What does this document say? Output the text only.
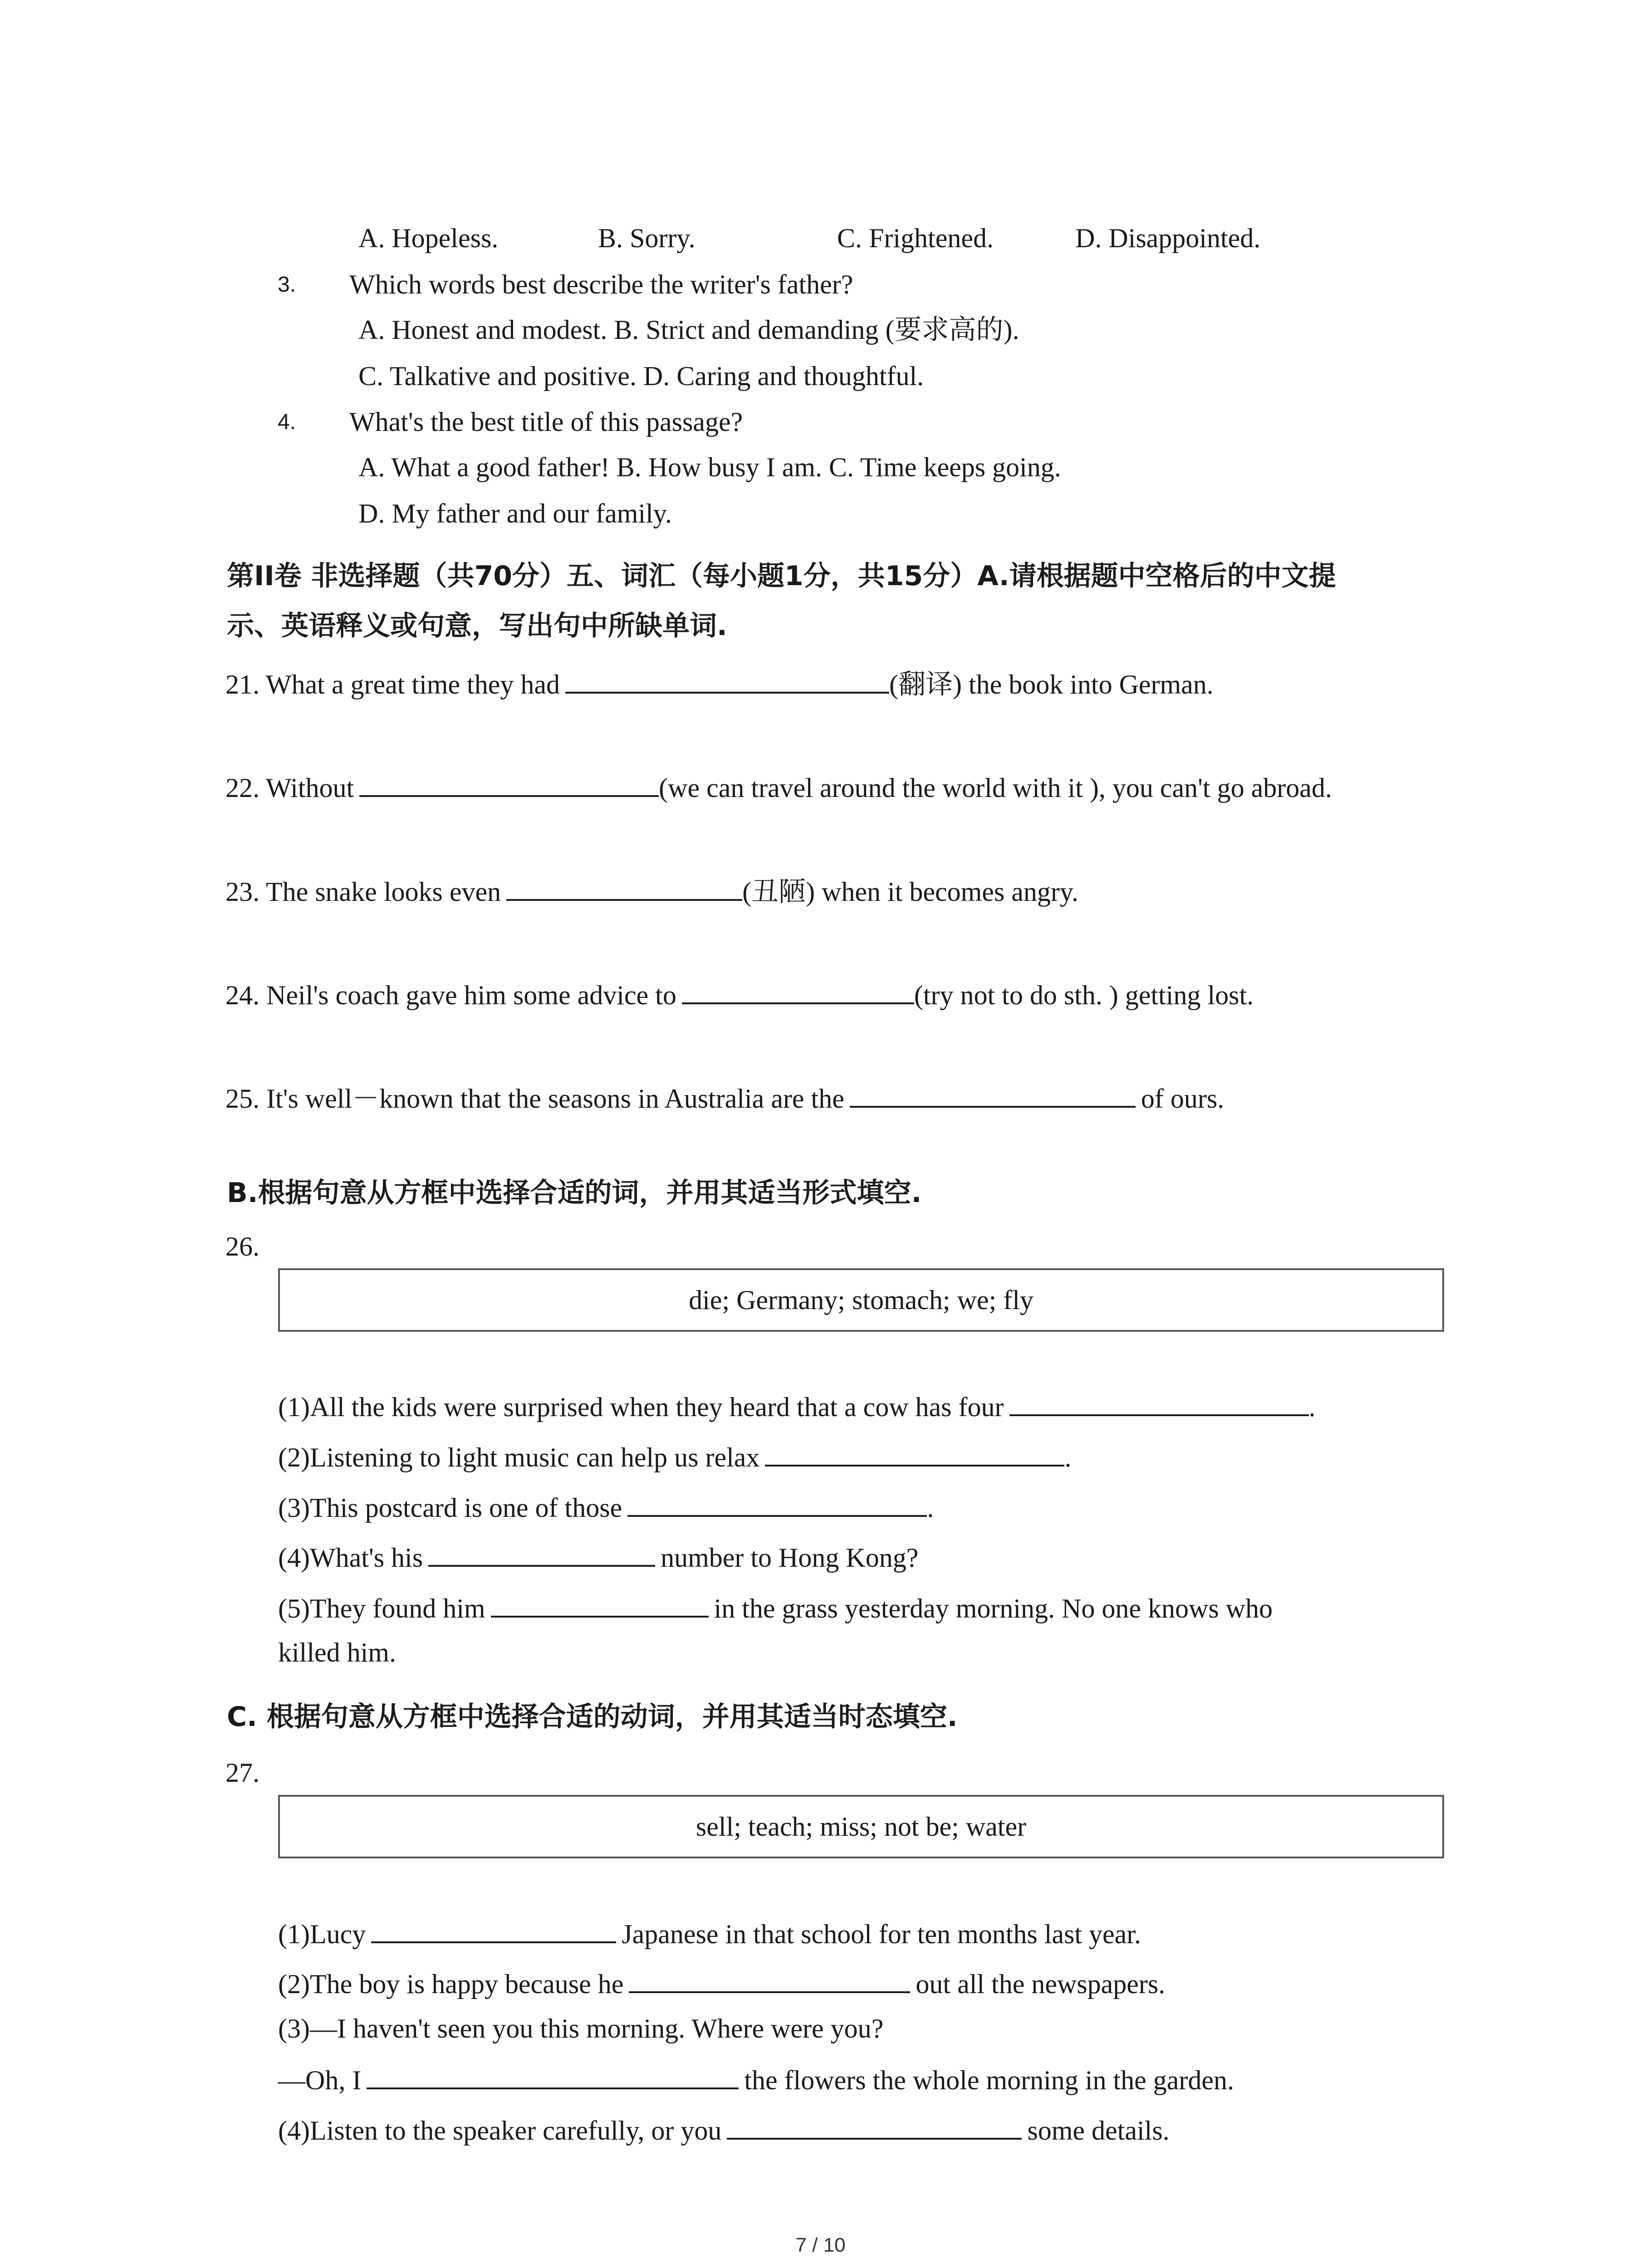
A. Hopeless.	B. Sorry.	C. Frightened.	D. Disappointed.
3. Which words best describe the writer's father?
A. Honest and modest. B. Strict and demanding (要求高的).
C. Talkative and positive. D. Caring and thoughtful.
4. What's the best title of this passage?
A. What a good father! B. How busy I am. C. Time keeps going.
D. My father and our family.
第II卷 非选择题（共70分）五、词汇（每小题1分，共15分）A.请根据题中空格后的中文提
示、英语释义或句意，写出句中所缺单词.
21. What a great time they had	(翻译) the book into German.
22. Without	(we can travel around the world with it ), you can't go abroad.
23. The snake looks even	(丑陋) when it becomes angry.
24. Neil's coach gave him some advice to	(try not to do sth. ) getting lost.
25. It's well－known that the seasons in Australia are the	of ours.
B.根据句意从方框中选择合适的词，并用其适当形式填空.
26.
die; Germany; stomach; we; fly
(1)All the kids were surprised when they heard that a cow has four	.
(2)Listening to light music can help us relax	.
(3)This postcard is one of those	.
(4)What's his	number to Hong Kong?
(5)They found him	in the grass yesterday morning. No one knows who
killed him.
C. 根据句意从方框中选择合适的动词，并用其适当时态填空.
27.
sell; teach; miss; not be; water
(1)Lucy	Japanese in that school for ten months last year.
(2)The boy is happy because he	out all the newspapers.
(3)—I haven't seen you this morning. Where were you?
—Oh, I	the flowers the whole morning in the garden.
(4)Listen to the speaker carefully, or you	some details.
7 / 10
